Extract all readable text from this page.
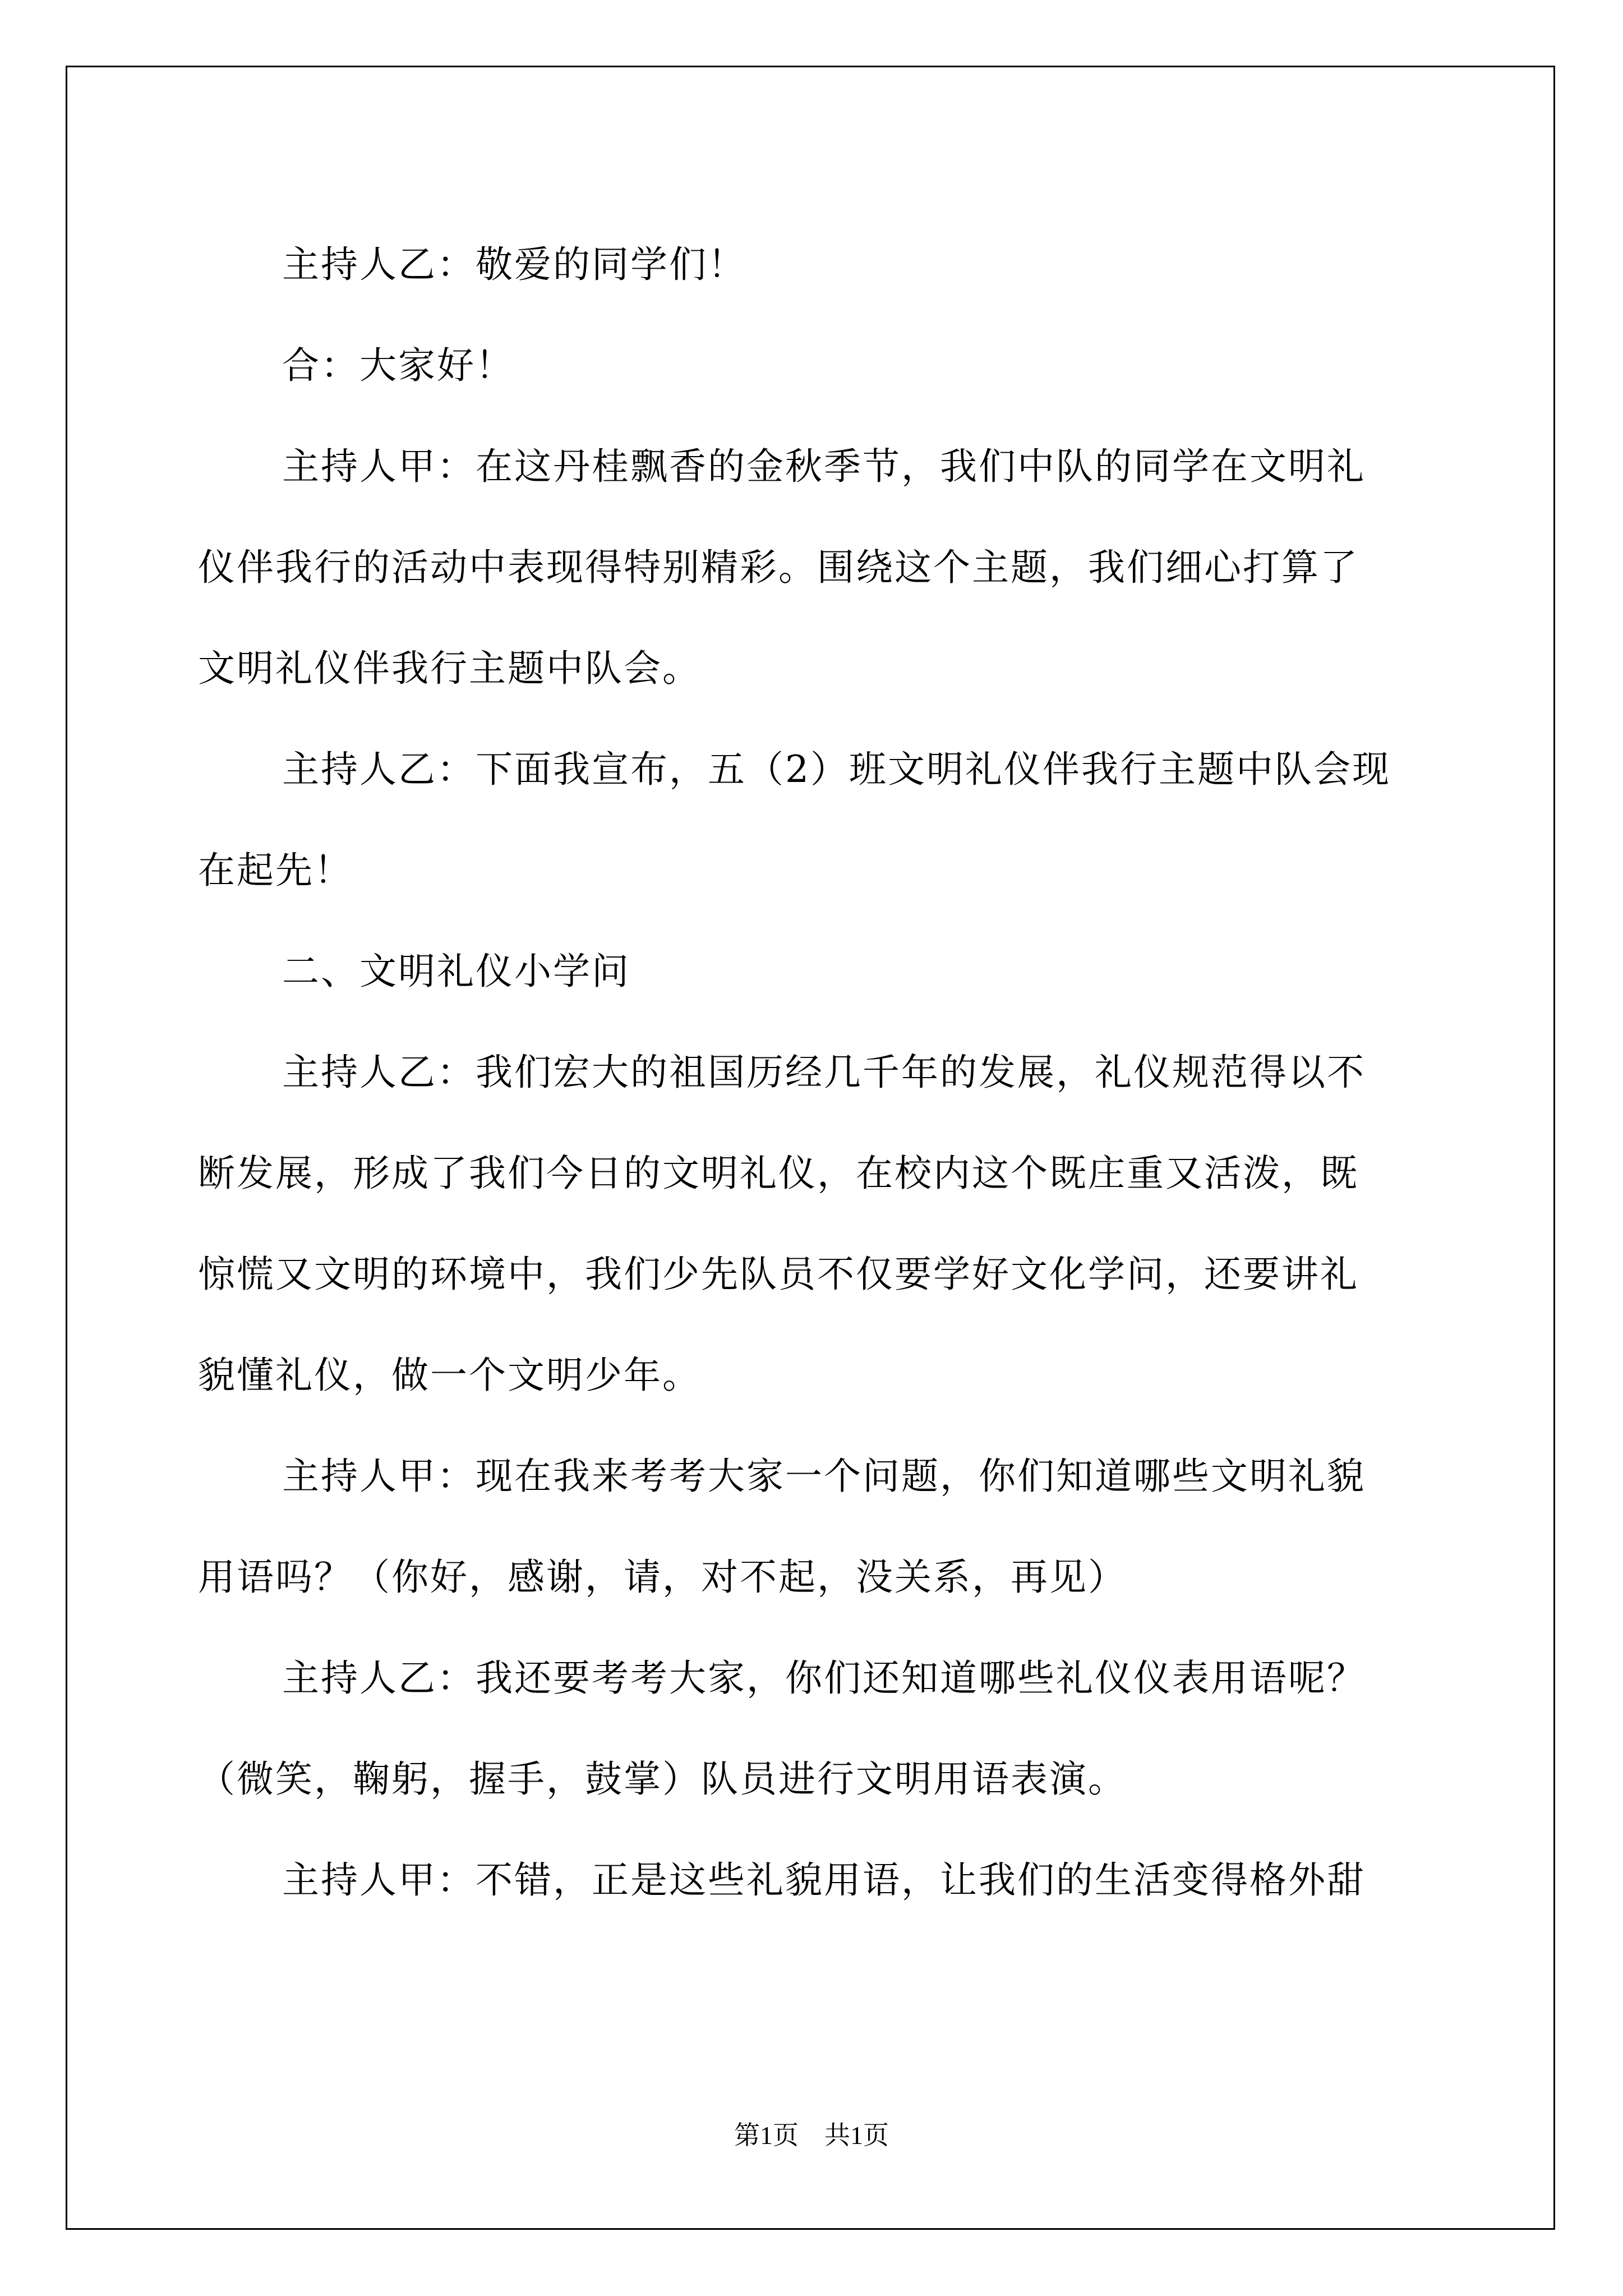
主持人乙：敬爱的同学们！

合：大家好！

主持人甲：在这丹桂飘香的金秋季节，我们中队的同学在文明礼

仪伴我行的活动中表现得特别精彩。围绕这个主题，我们细心打算了

文明礼仪伴我行主题中队会。

主持人乙：下面我宣布，五（2）班文明礼仪伴我行主题中队会现

在起先！

二、文明礼仪小学问

主持人乙：我们宏大的祖国历经几千年的发展，礼仪规范得以不

断发展，形成了我们今日的文明礼仪，在校内这个既庄重又活泼，既

惊慌又文明的环境中，我们少先队员不仅要学好文化学问，还要讲礼

貌懂礼仪，做一个文明少年。

主持人甲：现在我来考考大家一个问题，你们知道哪些文明礼貌

用语吗？（你好，感谢，请，对不起，没关系，再见）

主持人乙：我还要考考大家，你们还知道哪些礼仪仪表用语呢？

（微笑，鞠躬，握手，鼓掌）队员进行文明用语表演。

主持人甲：不错，正是这些礼貌用语，让我们的生活变得格外甜

第1页　共1页
